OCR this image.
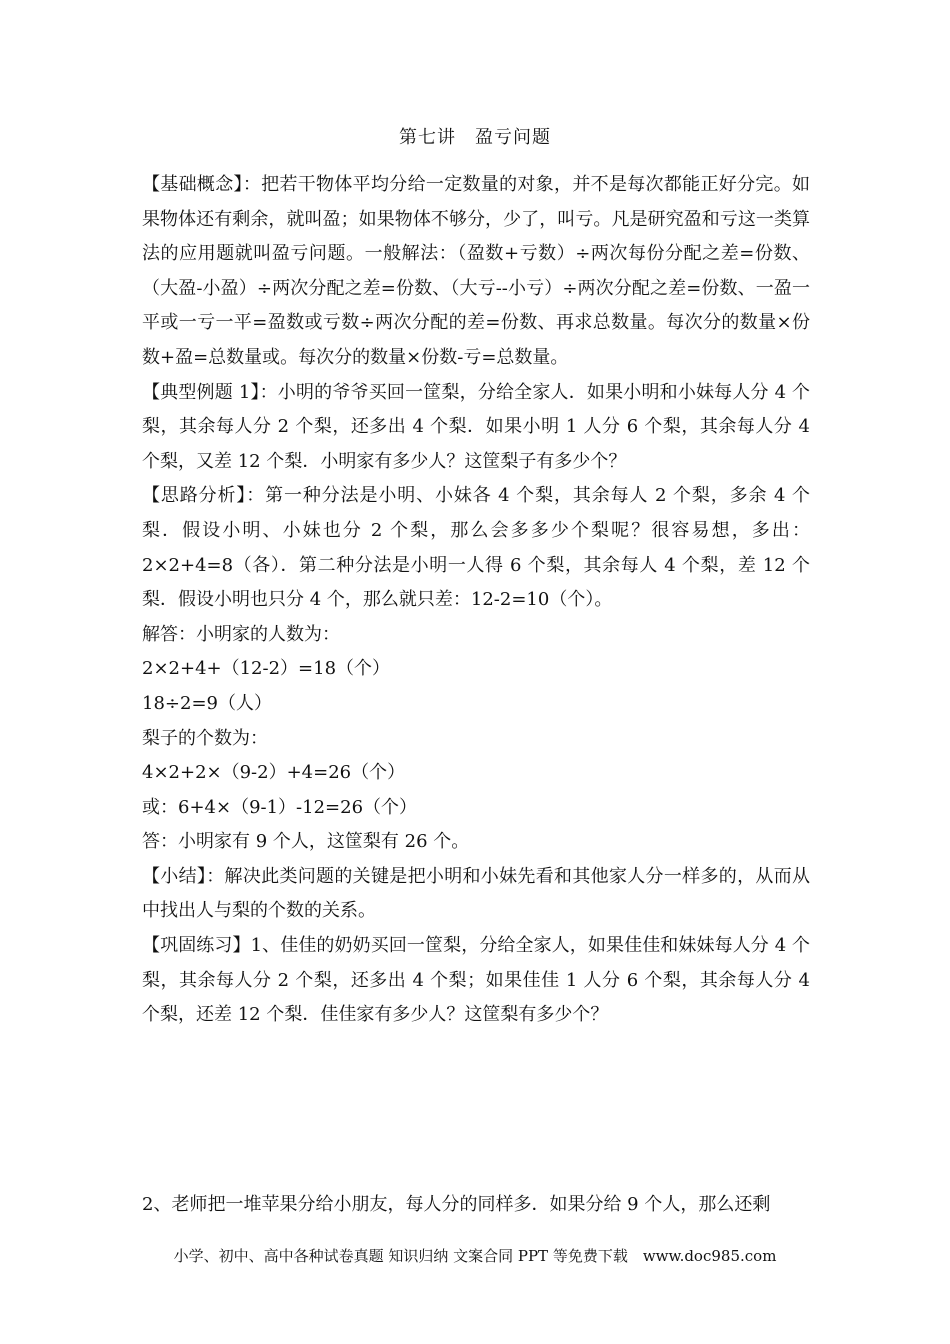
第七讲　盈亏问题

【基础概念】：把若干物体平均分给一定数量的对象，并不是每次都能正好分完。如果物体还有剩余，就叫盈；如果物体不够分，少了，叫亏。凡是研究盈和亏这一类算法的应用题就叫盈亏问题。一般解法：（盈数+亏数）÷两次每份分配之差=份数、（大盈-小盈）÷两次分配之差=份数、（大亏--小亏）÷两次分配之差=份数、一盈一平或一亏一平=盈数或亏数÷两次分配的差=份数、再求总数量。每次分的数量×份数+盈=总数量或。每次分的数量×份数-亏=总数量。

【典型例题 1】：小明的爷爷买回一筐梨，分给全家人．如果小明和小妹每人分 4 个梨，其余每人分 2 个梨，还多出 4 个梨．如果小明 1 人分 6 个梨，其余每人分 4 个梨，又差 12 个梨．小明家有多少人？这筐梨子有多少个？

【思路分析】：第一种分法是小明、小妹各 4 个梨，其余每人 2 个梨，多余 4 个梨．假设小明、小妹也分 2 个梨，那么会多多少个梨呢？很容易想，多出：2×2+4=8（各）．第二种分法是小明一人得 6 个梨，其余每人 4 个梨，差 12 个梨．假设小明也只分 4 个，那么就只差：12-2=10（个）。

解答：小明家的人数为：

2×2+4+（12-2）=18（个）

18÷2=9（人）

梨子的个数为：

4×2+2×（9-2）+4=26（个）

或：6+4×（9-1）-12=26（个）

答：小明家有 9 个人，这筐梨有 26 个。

【小结】：解决此类问题的关键是把小明和小妹先看和其他家人分一样多的，从而从中找出人与梨的个数的关系。

【巩固练习】1、佳佳的奶奶买回一筐梨，分给全家人，如果佳佳和妹妹每人分 4 个梨，其余每人分 2 个梨，还多出 4 个梨；如果佳佳 1 人分 6 个梨，其余每人分 4 个梨，还差 12 个梨．佳佳家有多少人？这筐梨有多少个？

2、老师把一堆苹果分给小朋友，每人分的同样多．如果分给 9 个人，那么还剩

小学、初中、高中各种试卷真题 知识归纳 文案合同 PPT 等免费下载　www.doc985.com
